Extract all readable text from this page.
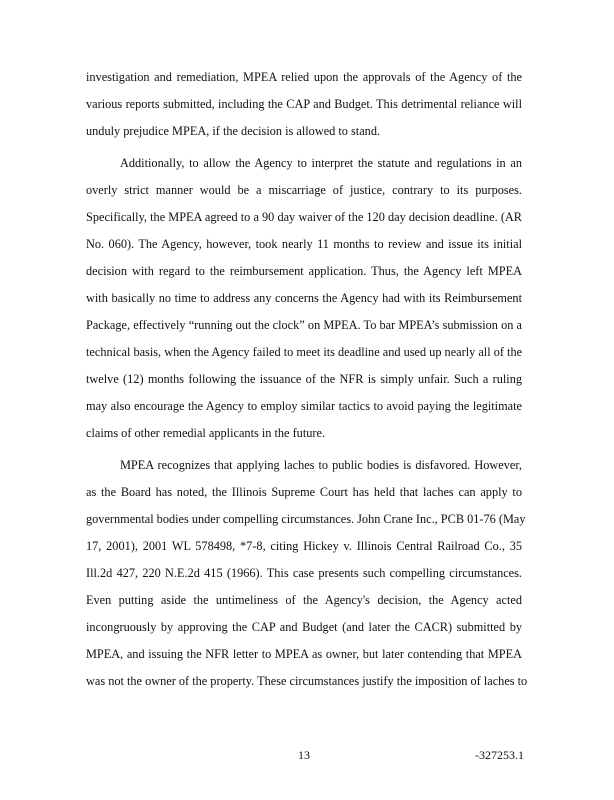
investigation and remediation, MPEA relied upon the approvals of the Agency of the
various reports submitted, including the CAP and Budget. This detrimental reliance will
unduly prejudice MPEA, if the decision is allowed to stand.
Additionally, to allow the Agency to interpret the statute and regulations in an
overly strict manner would be a miscarriage of justice, contrary to its purposes.
Specifically, the MPEA agreed to a 90 day waiver of the 120 day decision deadline. (AR
No. 060). The Agency, however, took nearly 11 months to review and issue its initial
decision with regard to the reimbursement application. Thus, the Agency left MPEA
with basically no time to address any concerns the Agency had with its Reimbursement
Package, effectively “running out the clock” on MPEA. To bar MPEA’s submission on a
technical basis, when the Agency failed to meet its deadline and used up nearly all of the
twelve (12) months following the issuance of the NFR is simply unfair. Such a ruling
may also encourage the Agency to employ similar tactics to avoid paying the legitimate
claims of other remedial applicants in the future.
MPEA recognizes that applying laches to public bodies is disfavored. However,
as the Board has noted, the Illinois Supreme Court has held that laches can apply to
governmental bodies under compelling circumstances. John Crane Inc., PCB 01-76 (May
17, 2001), 2001 WL 578498, *7-8, citing Hickey v. Illinois Central Railroad Co., 35
Ill.2d 427, 220 N.E.2d 415 (1966). This case presents such compelling circumstances.
Even putting aside the untimeliness of the Agency's decision, the Agency acted
incongruously by approving the CAP and Budget (and later the CACR) submitted by
MPEA, and issuing the NFR letter to MPEA as owner, but later contending that MPEA
was not the owner of the property. These circumstances justify the imposition of laches to
13	-327253.1
